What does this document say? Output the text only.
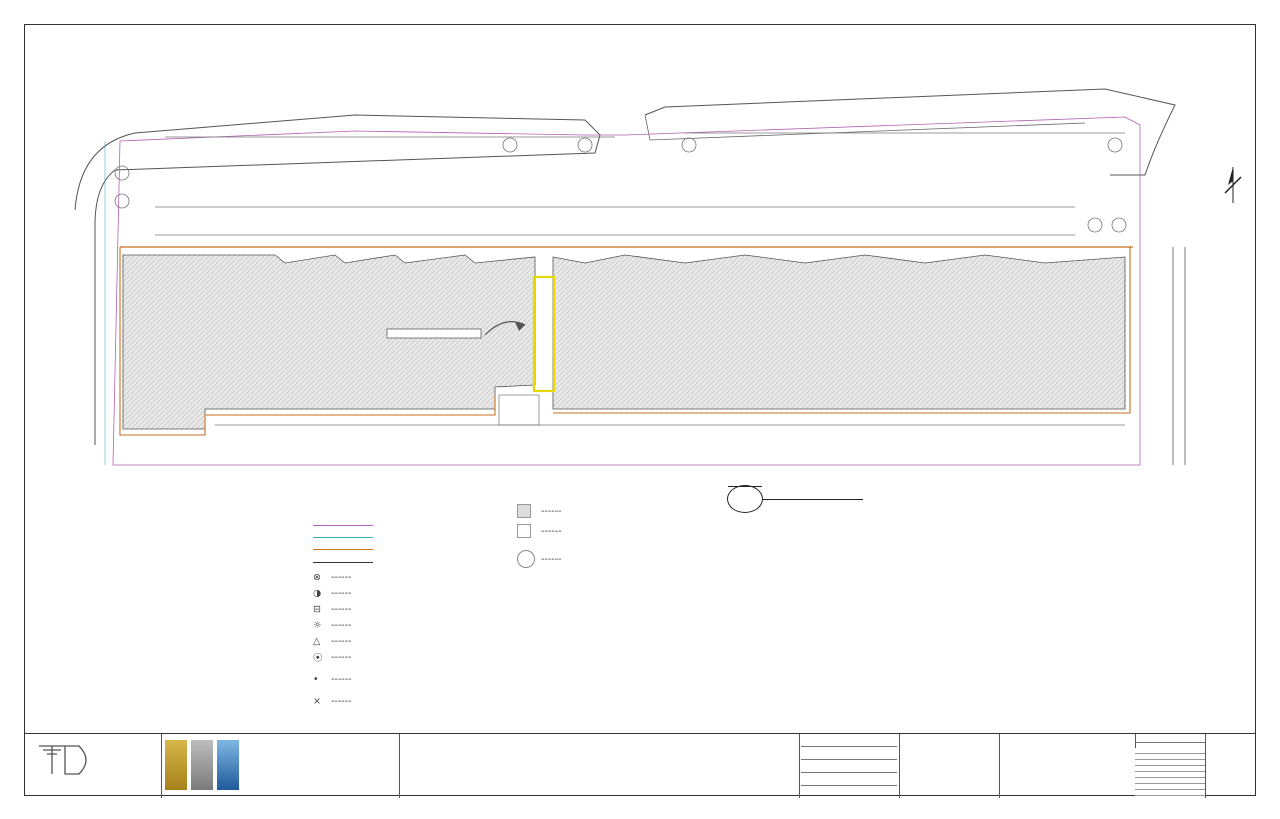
⊗	------
◑	------
⊟	------
☼ ------
△	------
⦿ ------
•	------
×	------
------
------
------
